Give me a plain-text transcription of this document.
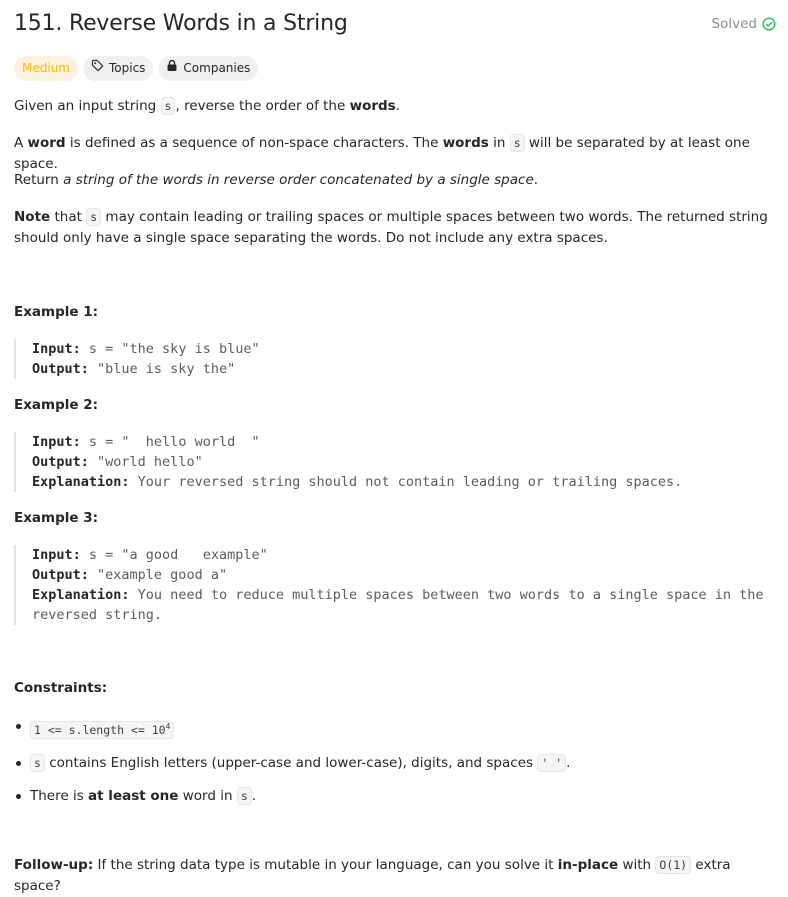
151. Reverse Words in a String	Solved
Medium	Topics	Companies

Given an input string s , reverse the order of the words.

A word is defined as a sequence of non-space characters. The words in s will be separated by at least one space.

Return a string of the words in reverse order concatenated by a single space.

Note that s may contain leading or trailing spaces or multiple spaces between two words. The returned string should only have a single space separating the words. Do not include any extra spaces.

Example 1:

Input: s = "the sky is blue"
Output: "blue is sky the"

Example 2:

Input: s = "  hello world  "
Output: "world hello"
Explanation: Your reversed string should not contain leading or trailing spaces.

Example 3:

Input: s = "a good   example"
Output: "example good a"
Explanation: You need to reduce multiple spaces between two words to a single space in the reversed string.

Constraints:

1 <= s.length <= $10^4$
s contains English letters (upper-case and lower-case), digits, and spaces ' ' .
There is at least one word in s .

Follow-up: If the string data type is mutable in your language, can you solve it in-place with O(1) extra space?
